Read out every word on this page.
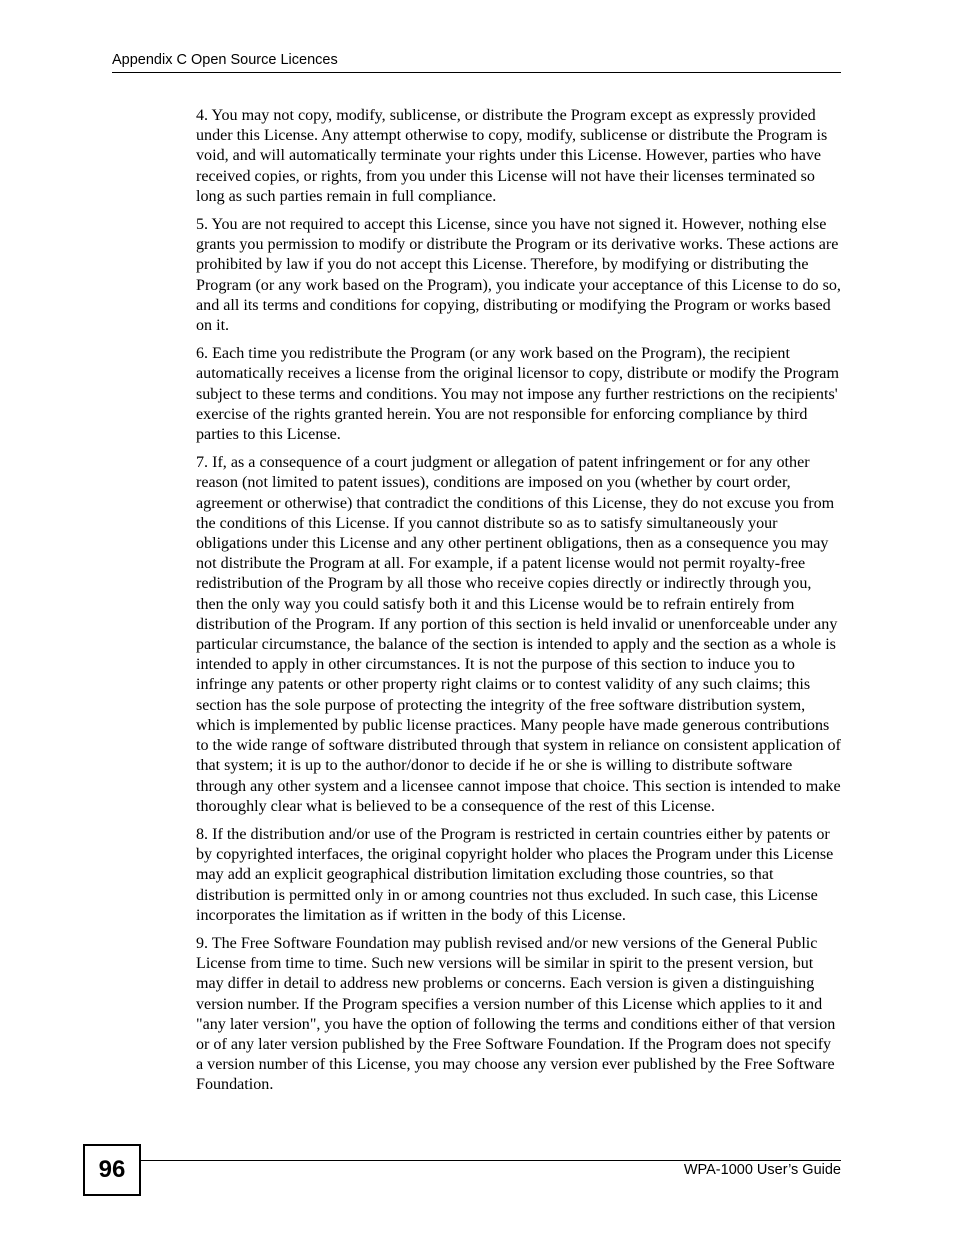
Appendix C Open Source Licences

4. You may not copy, modify, sublicense, or distribute the Program except as expressly provided under this License. Any attempt otherwise to copy, modify, sublicense or distribute the Program is void, and will automatically terminate your rights under this License. However, parties who have received copies, or rights, from you under this License will not have their licenses terminated so long as such parties remain in full compliance.

5. You are not required to accept this License, since you have not signed it. However, nothing else grants you permission to modify or distribute the Program or its derivative works. These actions are prohibited by law if you do not accept this License. Therefore, by modifying or distributing the Program (or any work based on the Program), you indicate your acceptance of this License to do so, and all its terms and conditions for copying, distributing or modifying the Program or works based on it.

6. Each time you redistribute the Program (or any work based on the Program), the recipient automatically receives a license from the original licensor to copy, distribute or modify the Program subject to these terms and conditions. You may not impose any further restrictions on the recipients' exercise of the rights granted herein. You are not responsible for enforcing compliance by third parties to this License.

7. If, as a consequence of a court judgment or allegation of patent infringement or for any other reason (not limited to patent issues), conditions are imposed on you (whether by court order, agreement or otherwise) that contradict the conditions of this License, they do not excuse you from the conditions of this License. If you cannot distribute so as to satisfy simultaneously your obligations under this License and any other pertinent obligations, then as a consequence you may not distribute the Program at all. For example, if a patent license would not permit royalty-free redistribution of the Program by all those who receive copies directly or indirectly through you, then the only way you could satisfy both it and this License would be to refrain entirely from distribution of the Program. If any portion of this section is held invalid or unenforceable under any particular circumstance, the balance of the section is intended to apply and the section as a whole is intended to apply in other circumstances. It is not the purpose of this section to induce you to infringe any patents or other property right claims or to contest validity of any such claims; this section has the sole purpose of protecting the integrity of the free software distribution system, which is implemented by public license practices. Many people have made generous contributions to the wide range of software distributed through that system in reliance on consistent application of that system; it is up to the author/donor to decide if he or she is willing to distribute software through any other system and a licensee cannot impose that choice. This section is intended to make thoroughly clear what is believed to be a consequence of the rest of this License.

8. If the distribution and/or use of the Program is restricted in certain countries either by patents or by copyrighted interfaces, the original copyright holder who places the Program under this License may add an explicit geographical distribution limitation excluding those countries, so that distribution is permitted only in or among countries not thus excluded. In such case, this License incorporates the limitation as if written in the body of this License.

9. The Free Software Foundation may publish revised and/or new versions of the General Public License from time to time. Such new versions will be similar in spirit to the present version, but may differ in detail to address new problems or concerns. Each version is given a distinguishing version number. If the Program specifies a version number of this License which applies to it and "any later version", you have the option of following the terms and conditions either of that version or of any later version published by the Free Software Foundation. If the Program does not specify a version number of this License, you may choose any version ever published by the Free Software Foundation.

96	WPA-1000 User’s Guide
